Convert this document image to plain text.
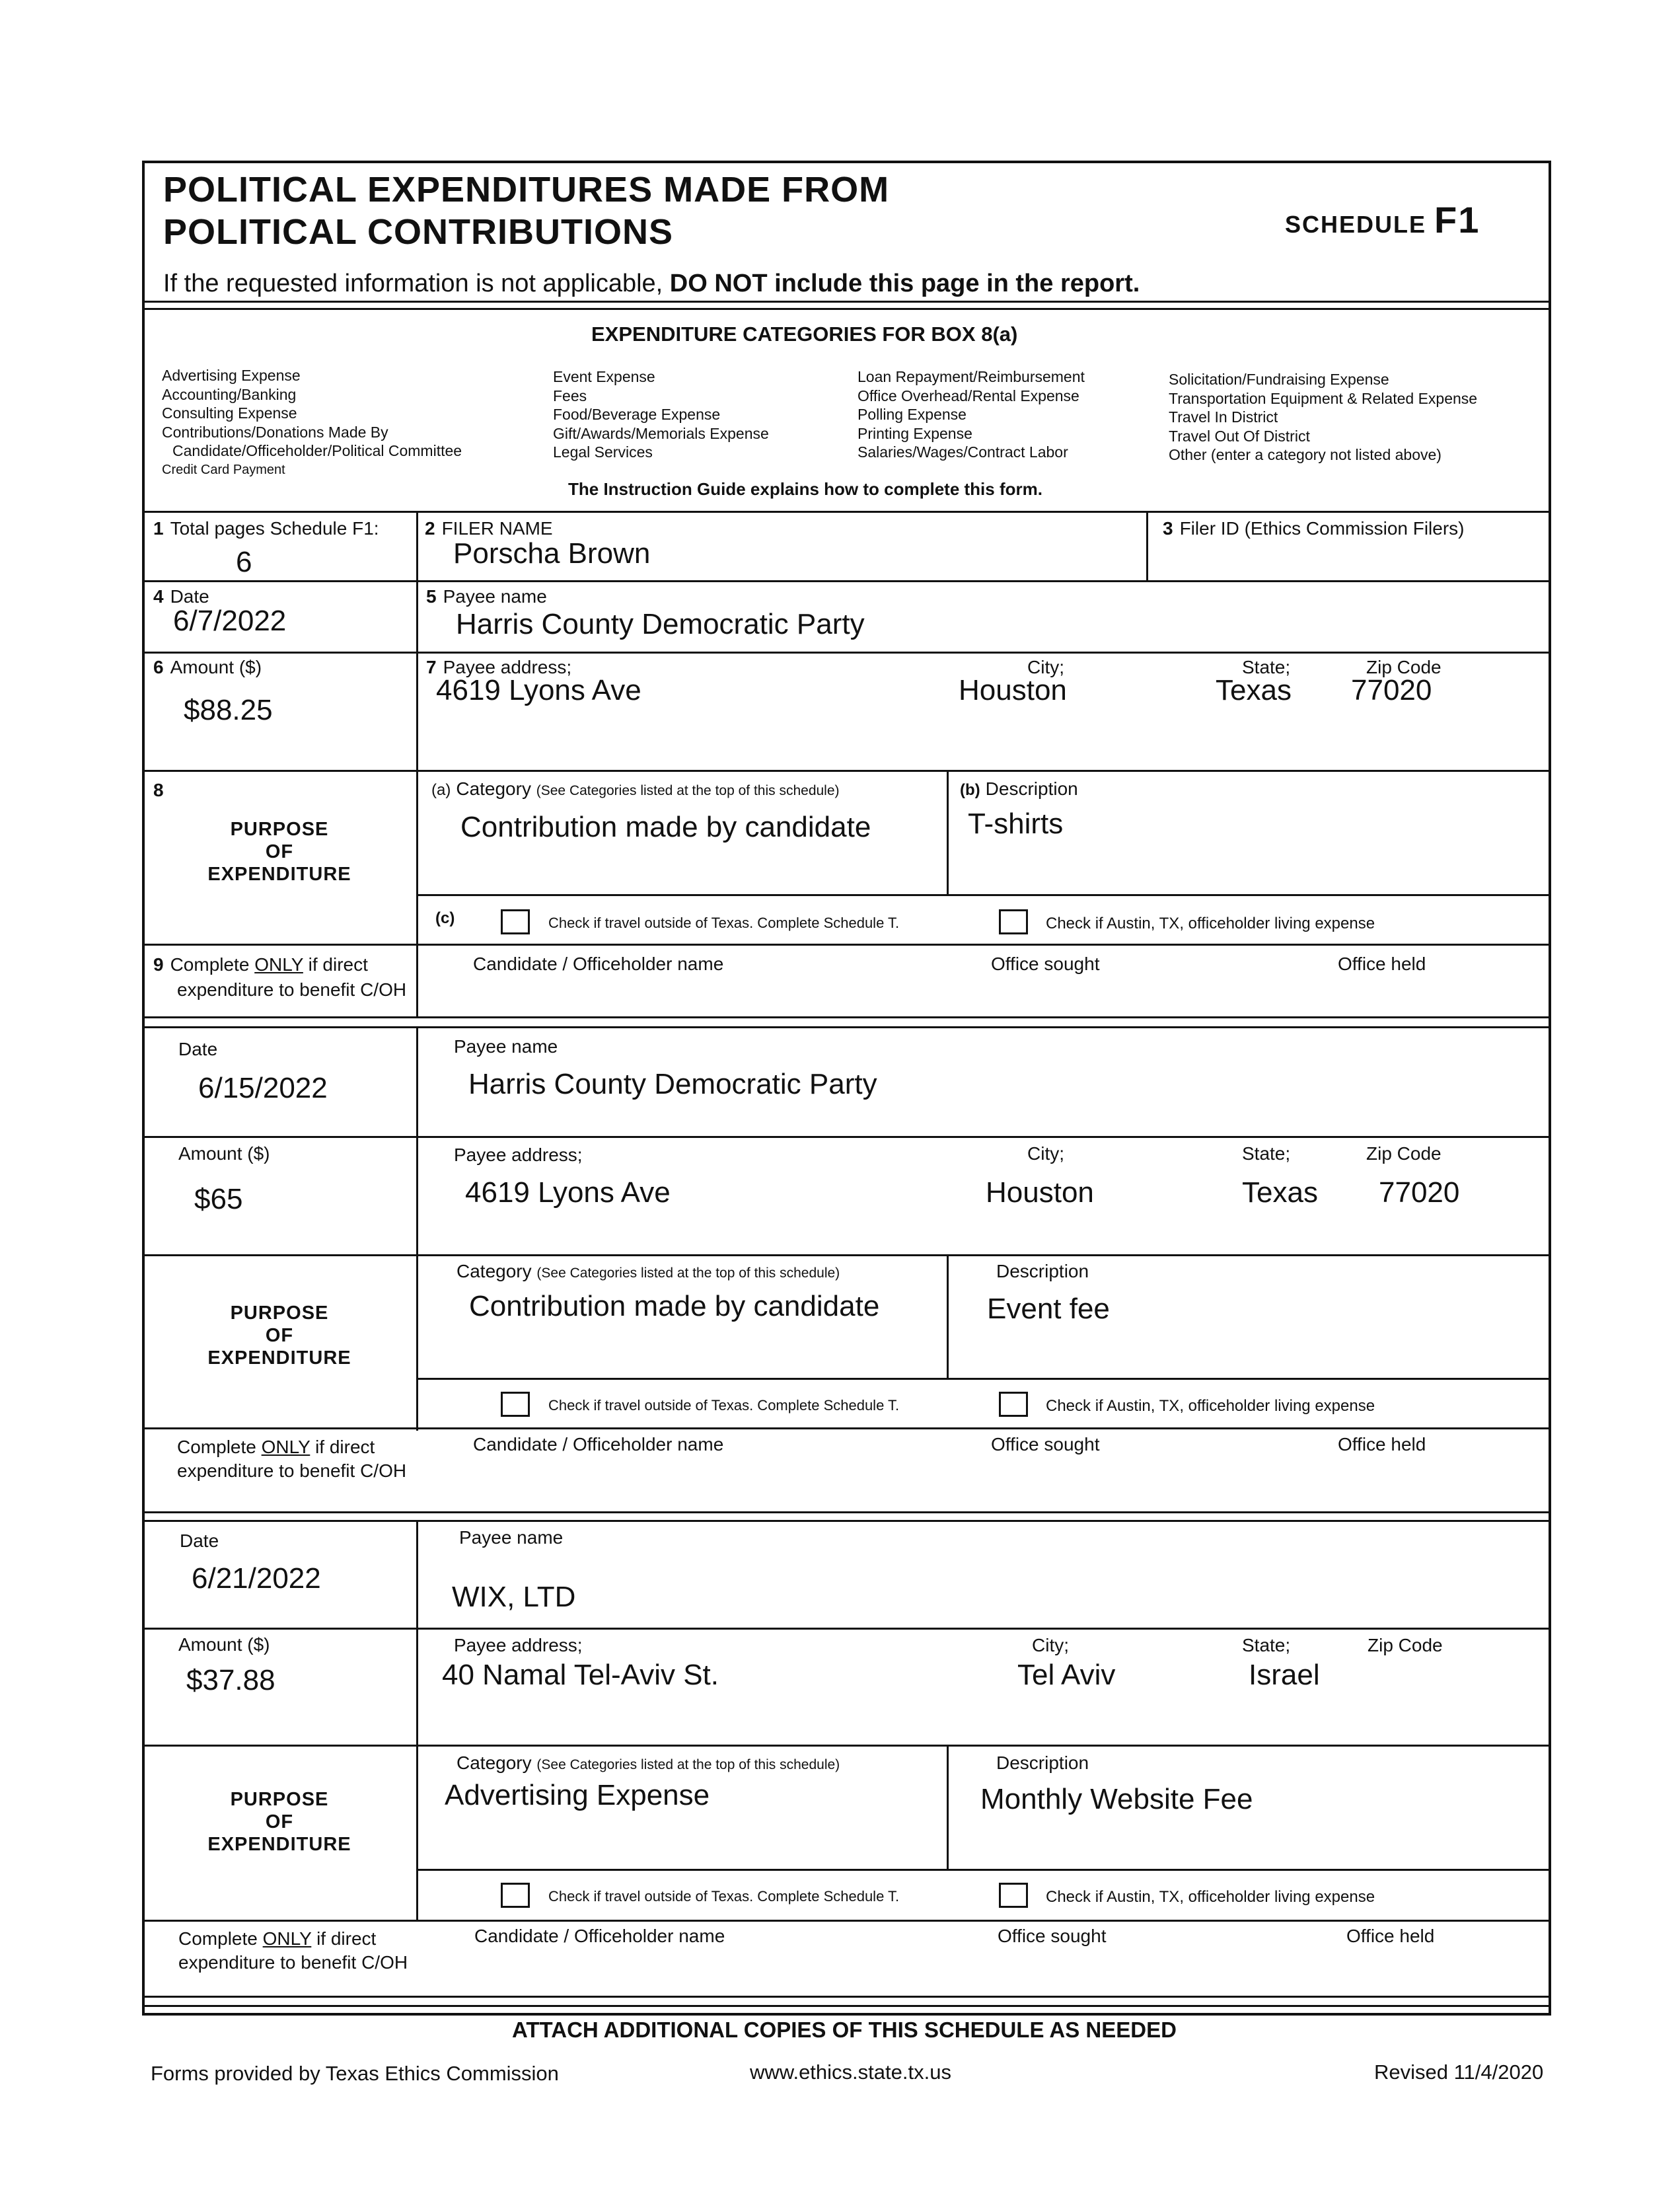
POLITICAL EXPENDITURES MADE FROM
POLITICAL CONTRIBUTIONS	SCHEDULE F1
If the requested information is not applicable, DO NOT include this page in the report.
EXPENDITURE CATEGORIES FOR BOX 8(a)
Advertising Expense
Accounting/Banking
Consulting Expense
Contributions/Donations Made By
Candidate/Officeholder/Political Committee
Credit Card Payment
Event Expense
Fees
Food/Beverage Expense
Gift/Awards/Memorials Expense
Legal Services
Loan Repayment/Reimbursement
Office Overhead/Rental Expense
Polling Expense
Printing Expense
Salaries/Wages/Contract Labor
Solicitation/Fundraising Expense
Transportation Equipment & Related Expense
Travel In District
Travel Out Of District
Other (enter a category not listed above)
The Instruction Guide explains how to complete this form.
1 Total pages Schedule F1:
6
2 FILER NAME
Porscha Brown
3 Filer ID (Ethics Commission Filers)
4 Date
6/7/2022
5 Payee name
Harris County Democratic Party
6 Amount ($)
$88.25
7 Payee address;
4619 Lyons Ave
City;
Houston
State;
Texas
Zip Code
77020
8
PURPOSE
OF
EXPENDITURE
(a) Category (See Categories listed at the top of this schedule)
Contribution made by candidate
(b) Description
T-shirts
(c)	Check if travel outside of Texas. Complete Schedule T.	Check if Austin, TX, officeholder living expense
9 Complete ONLY if direct
expenditure to benefit C/OH
Candidate / Officeholder name	Office sought	Office held
Date
6/15/2022
Payee name
Harris County Democratic Party
Amount ($)
$65
Payee address;
4619 Lyons Ave
City;
Houston
State;
Texas
Zip Code
77020
PURPOSE
OF
EXPENDITURE
Category (See Categories listed at the top of this schedule)
Contribution made by candidate
Description
Event fee
Check if travel outside of Texas. Complete Schedule T.	Check if Austin, TX, officeholder living expense
Complete ONLY if direct
expenditure to benefit C/OH
Candidate / Officeholder name	Office sought	Office held
Date
6/21/2022
Payee name
WIX, LTD
Amount ($)
$37.88
Payee address;
40 Namal Tel-Aviv St.
City;
Tel Aviv
State;
Israel
Zip Code
PURPOSE
OF
EXPENDITURE
Category (See Categories listed at the top of this schedule)
Advertising Expense
Description
Monthly Website Fee
Check if travel outside of Texas. Complete Schedule T.	Check if Austin, TX, officeholder living expense
Complete ONLY if direct
expenditure to benefit C/OH
Candidate / Officeholder name	Office sought	Office held
ATTACH ADDITIONAL COPIES OF THIS SCHEDULE AS NEEDED
Forms provided by Texas Ethics Commission	www.ethics.state.tx.us	Revised 11/4/2020
